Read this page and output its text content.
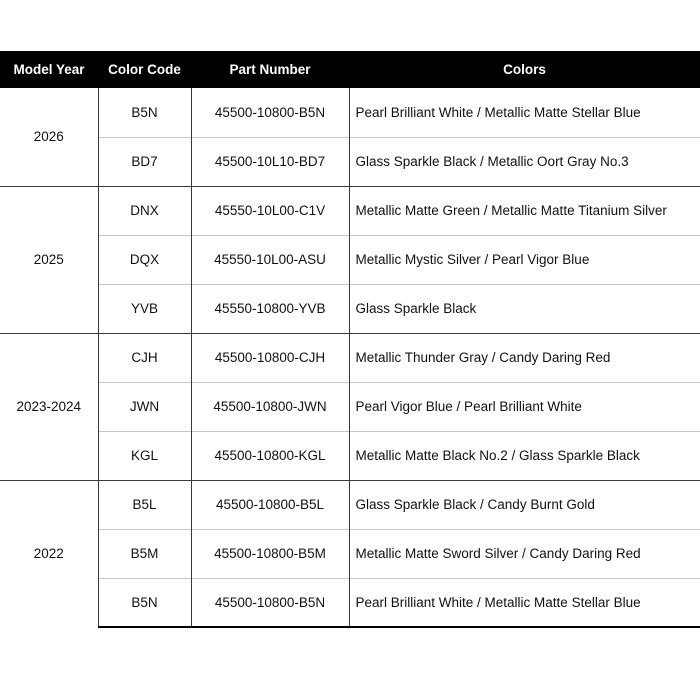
Model Year	Color Code	Part Number	Colors
2026	B5N	45500-10800-B5N	Pearl Brilliant White / Metallic Matte Stellar Blue
	BD7	45500-10L10-BD7	Glass Sparkle Black / Metallic Oort Gray No.3
2025	DNX	45550-10L00-C1V	Metallic Matte Green / Metallic Matte Titanium Silver
	DQX	45550-10L00-ASU	Metallic Mystic Silver / Pearl Vigor Blue
	YVB	45550-10800-YVB	Glass Sparkle Black
2023-2024	CJH	45500-10800-CJH	Metallic Thunder Gray / Candy Daring Red
	JWN	45500-10800-JWN	Pearl Vigor Blue / Pearl Brilliant White
	KGL	45500-10800-KGL	Metallic Matte Black No.2 / Glass Sparkle Black
2022	B5L	45500-10800-B5L	Glass Sparkle Black / Candy Burnt Gold
	B5M	45500-10800-B5M	Metallic Matte Sword Silver / Candy Daring Red
	B5N	45500-10800-B5N	Pearl Brilliant White / Metallic Matte Stellar Blue
